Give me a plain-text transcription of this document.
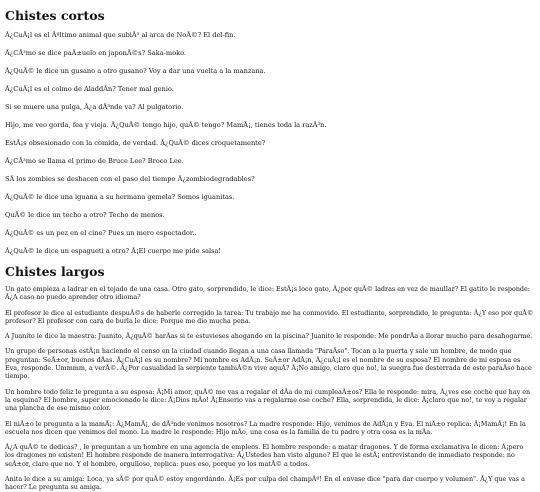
Chistes cortos

Â¿CuÃ¡l es el Ãºltimo animal que subiÃ³ al arca de NoÃ©? El del-fin.

Â¿CÃ³mo se dice paÃ±uelo en japonÃ©s? Saka-moko.

Â¿QuÃ© le dice un gusano a otro gusano? Voy a dar una vuelta a la manzana.

Â¿CuÃ¡l es el colmo de AladdÃn? Tener mal genio.

Si se muere una pulga, Â¿a dÃ³nde va? Al pulgatorio.

Hijo, me veo gorda, fea y vieja. Â¿QuÃ© tengo hijo, quÃ© tengo? MamÃ¡, tienes toda la razÃ³n.

EstÃ¡s obsesionado con la comida, de verdad. Â¿QuÃ© dices croquetamente?

Â¿CÃ³mo se llama el primo de Bruce Lee? Broco Lee.

SÃ los zombies se deshacen con el paso del tiempo Â¿zombiodegradables?

Â¿QuÃ© le dice una iguana a su hermana gemela? Somos iguanitas.

QuÃ© le dice un techo a otro? Techo de menos.

Â¿QuÃ© es un pez en el cine? Pues un mero espectador..

Â¿QuÃ© le dice un espagueti a otro? Â¡El cuerpo me pide salsa!

Chistes largos

Un gato empieza a ladrar en el tejado de una casa. Otro gato, sorprendido, le dice: EstÃ¡s loco gato, Â¿por quÃ© ladras en vez de maullar? El gatito le responde: Â¿A caso no puedo aprender otro idioma?

El profesor le dice al estudiante despuÃ©s de haberle corregido la tarea: Tu trabajo me ha conmovido. El estudiante, sorprendido, le pregunta: Â¿Y eso por quÃ© profesor? El profesor con cara de burla le dice: Porque me dio mucha pena.

A Juanito le dice la maestra: Juanito, Â¿quÃ© harÃas si te estuvieses ahogando en la piscina? Juanito le responde: Me pondrÃa a llorar mucho para desahogarme.

Un grupo de personas estÃ¡n haciendo el censo en la ciudad cuando llegan a una casa llamada "ParaÃso". Tocan a la puerta y sale un hombre, de modo que preguntan: SeÃ±or, buenos dÃas. Â¿CuÃ¡l es su nombre? Mi nombre es AdÃ¡n. SeÃ±or AdÃ¡n, Â¿cuÃ¡l es el nombre de su esposa? El nombre de mi esposa es Eva, responde. Ummmm, a verÃ©. Â¿Por casualidad la serpiente tambiÃ©n vive aquÃ? Â¡No amigo, claro que no!, la suegra fue desterrada de este paraÃso hace tiempo.

Un hombre todo feliz le pregunta a su esposa: Â¡Mi amor, quÃ© me vas a regalar el dÃa de mi cumpleaÃ±os? Ella le responde: mira, Â¿ves ese coche que hay en la esquina? El hombre, super emocionado le dice: Â¡Dios mÃo! Â¡Enserio vas a regalarme ese coche? Ella, sorprendida, le dice: Â¡claro que no!, te voy a regalar una plancha de ese mismo color.

El niÃ±o le pregunta a la mamÃ¡: Â¿MamÃ¡, de dÃ³nde venimos nosotros? La madre responde: Hijo, venimos de AdÃ¡n y Eva. El niÃ±o replica: Â¡MamÃ¡! En la escuela nos dicen que venimos del mono. La madre le responde: Hijo mÃo, una cosa es la familia de tu padre y otra cosa es la mÃa.

Â¿A quÃ© te dedicas? , le preguntan a un hombre en una agencia de empleos. El hombre responde: a matar dragones. Y de forma exclamativa le dicen: Â¡pero los dragones no existen! El hombre responde de manera interrogativa: Â¿Ustedes han visto alguno? El que le estÃ¡ entrevistando de inmediato responde: no seÃ±or, claro que no. Y el hombre, orgulloso, replica: pues eso, porque yo los matÃ© a todos.

Anita le dice a su amiga: Loca, ya sÃ© por quÃ© estoy engordando. Â¡Es por culpa del champÃº! En el envase dice "para dar cuerpo y volumen". Â¿Y que vas a hacer? Le pregunta su amiga.
